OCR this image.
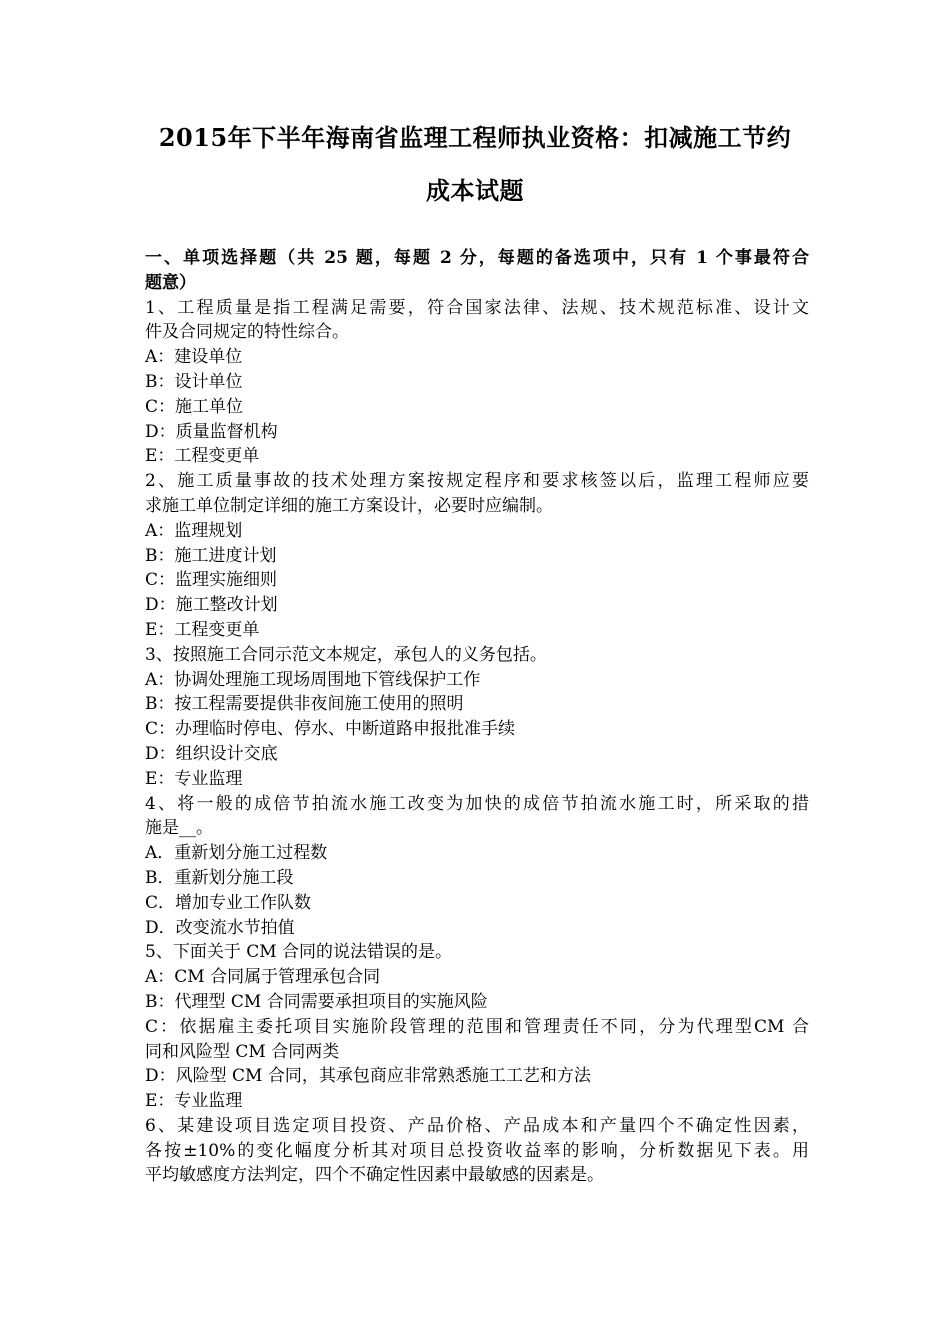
2015年下半年海南省监理工程师执业资格：扣减施工节约
成本试题
一、单项选择题（共 25 题，每题 2 分，每题的备选项中，只有 1 个事最符合
题意）
1、工程质量是指工程满足需要，符合国家法律、法规、技术规范标准、设计文
件及合同规定的特性综合。
A：建设单位
B：设计单位
C：施工单位
D：质量监督机构
E：工程变更单
2、施工质量事故的技术处理方案按规定程序和要求核签以后，监理工程师应要
求施工单位制定详细的施工方案设计，必要时应编制。
A：监理规划
B：施工进度计划
C：监理实施细则
D：施工整改计划
E：工程变更单
3、按照施工合同示范文本规定，承包人的义务包括。
A：协调处理施工现场周围地下管线保护工作
B：按工程需要提供非夜间施工使用的照明
C：办理临时停电、停水、中断道路申报批准手续
D：组织设计交底
E：专业监理
4、将一般的成倍节拍流水施工改变为加快的成倍节拍流水施工时，所采取的措
施是__。
A．重新划分施工过程数
B．重新划分施工段
C．增加专业工作队数
D．改变流水节拍值
5、下面关于 CM 合同的说法错误的是。
A：CM 合同属于管理承包合同
B：代理型 CM 合同需要承担项目的实施风险
C：依据雇主委托项目实施阶段管理的范围和管理责任不同，分为代理型CM 合
同和风险型 CM 合同两类
D：风险型 CM 合同，其承包商应非常熟悉施工工艺和方法
E：专业监理
6、某建设项目选定项目投资、产品价格、产品成本和产量四个不确定性因素，
各按±10%的变化幅度分析其对项目总投资收益率的影响，分析数据见下表。用
平均敏感度方法判定，四个不确定性因素中最敏感的因素是。
